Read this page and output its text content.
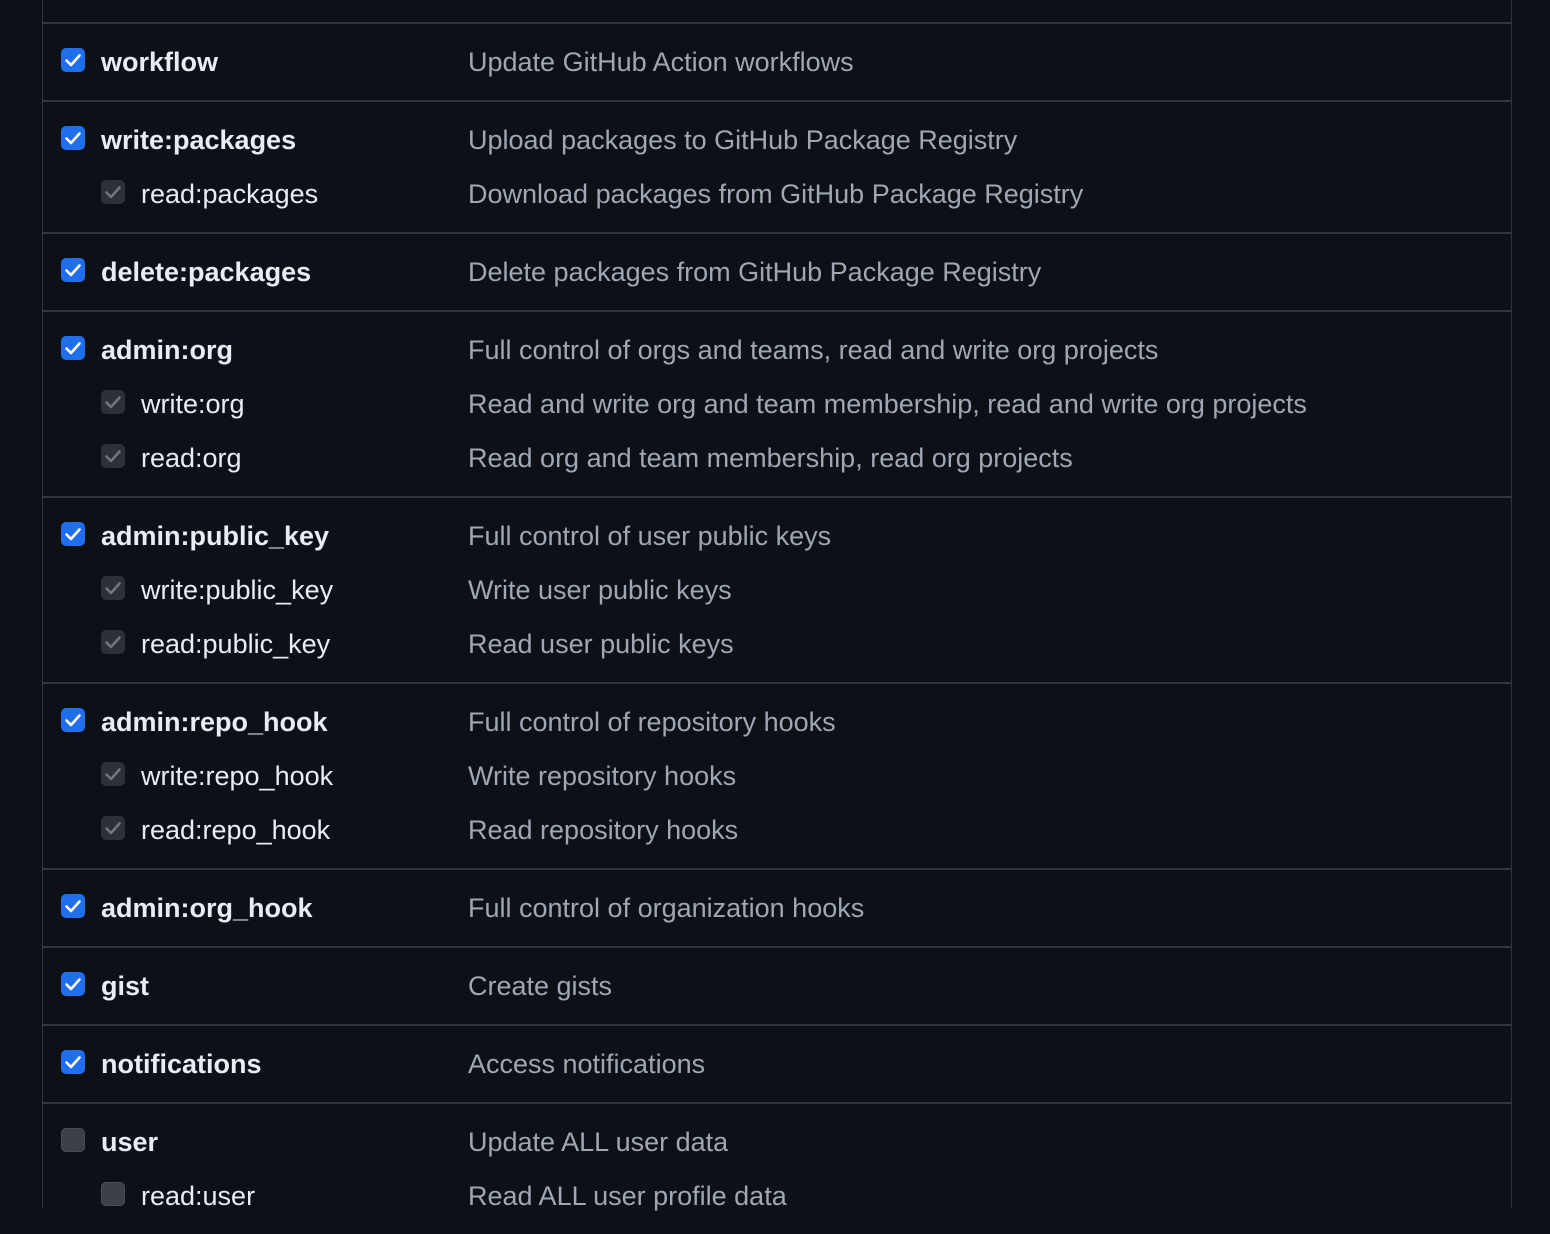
workflow	Update GitHub Action workflows
write:packages	Upload packages to GitHub Package Registry
read:packages	Download packages from GitHub Package Registry
delete:packages	Delete packages from GitHub Package Registry
admin:org	Full control of orgs and teams, read and write org projects
write:org	Read and write org and team membership, read and write org projects
read:org	Read org and team membership, read org projects
admin:public_key	Full control of user public keys
write:public_key	Write user public keys
read:public_key	Read user public keys
admin:repo_hook	Full control of repository hooks
write:repo_hook	Write repository hooks
read:repo_hook	Read repository hooks
admin:org_hook	Full control of organization hooks
gist	Create gists
notifications	Access notifications
user	Update ALL user data
read:user	Read ALL user profile data
